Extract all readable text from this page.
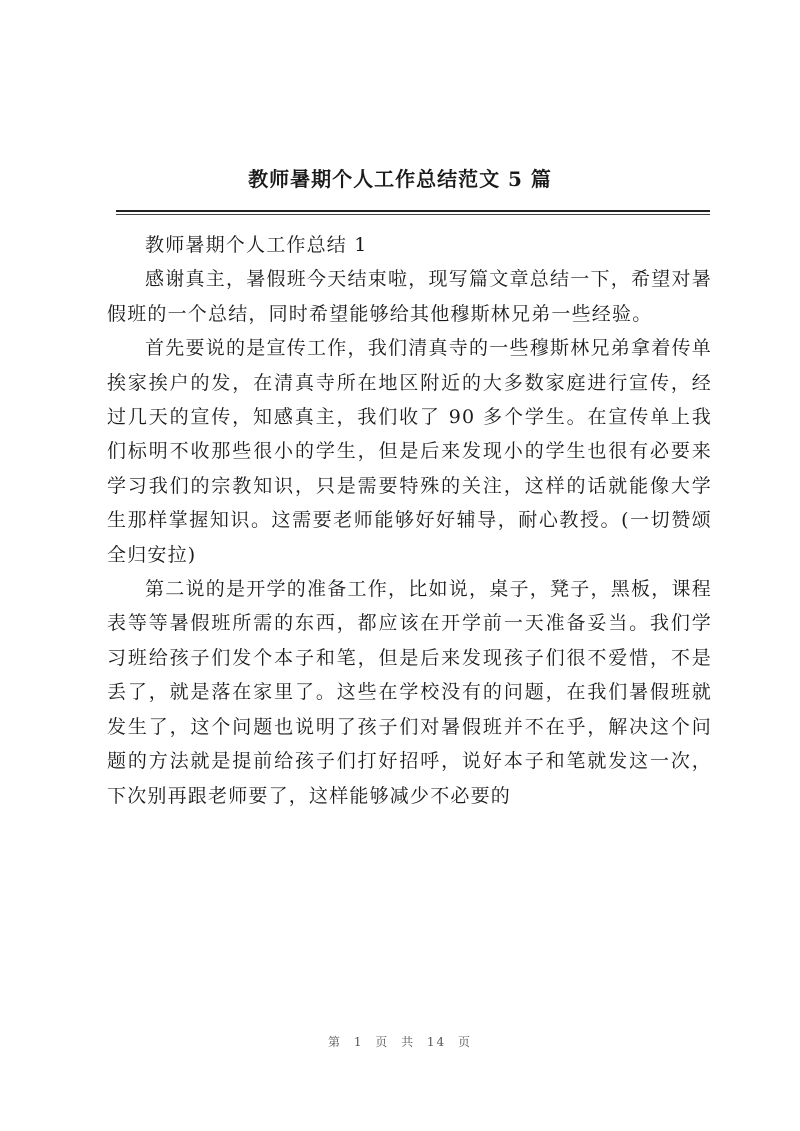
教师暑期个人工作总结范文 5 篇

教师暑期个人工作总结 1

感谢真主，暑假班今天结束啦，现写篇文章总结一下，希望对暑假班的一个总结，同时希望能够给其他穆斯林兄弟一些经验。

首先要说的是宣传工作，我们清真寺的一些穆斯林兄弟拿着传单挨家挨户的发，在清真寺所在地区附近的大多数家庭进行宣传，经过几天的宣传，知感真主，我们收了 90 多个学生。在宣传单上我们标明不收那些很小的学生，但是后来发现小的学生也很有必要来学习我们的宗教知识，只是需要特殊的关注，这样的话就能像大学生那样掌握知识。这需要老师能够好好辅导，耐心教授。(一切赞颂全归安拉)

第二说的是开学的准备工作，比如说，桌子，凳子，黑板，课程表等等暑假班所需的东西，都应该在开学前一天准备妥当。我们学习班给孩子们发个本子和笔，但是后来发现孩子们很不爱惜，不是丢了，就是落在家里了。这些在学校没有的问题，在我们暑假班就发生了，这个问题也说明了孩子们对暑假班并不在乎，解决这个问题的方法就是提前给孩子们打好招呼，说好本子和笔就发这一次，下次别再跟老师要了，这样能够减少不必要的

第 1 页 共 14 页
